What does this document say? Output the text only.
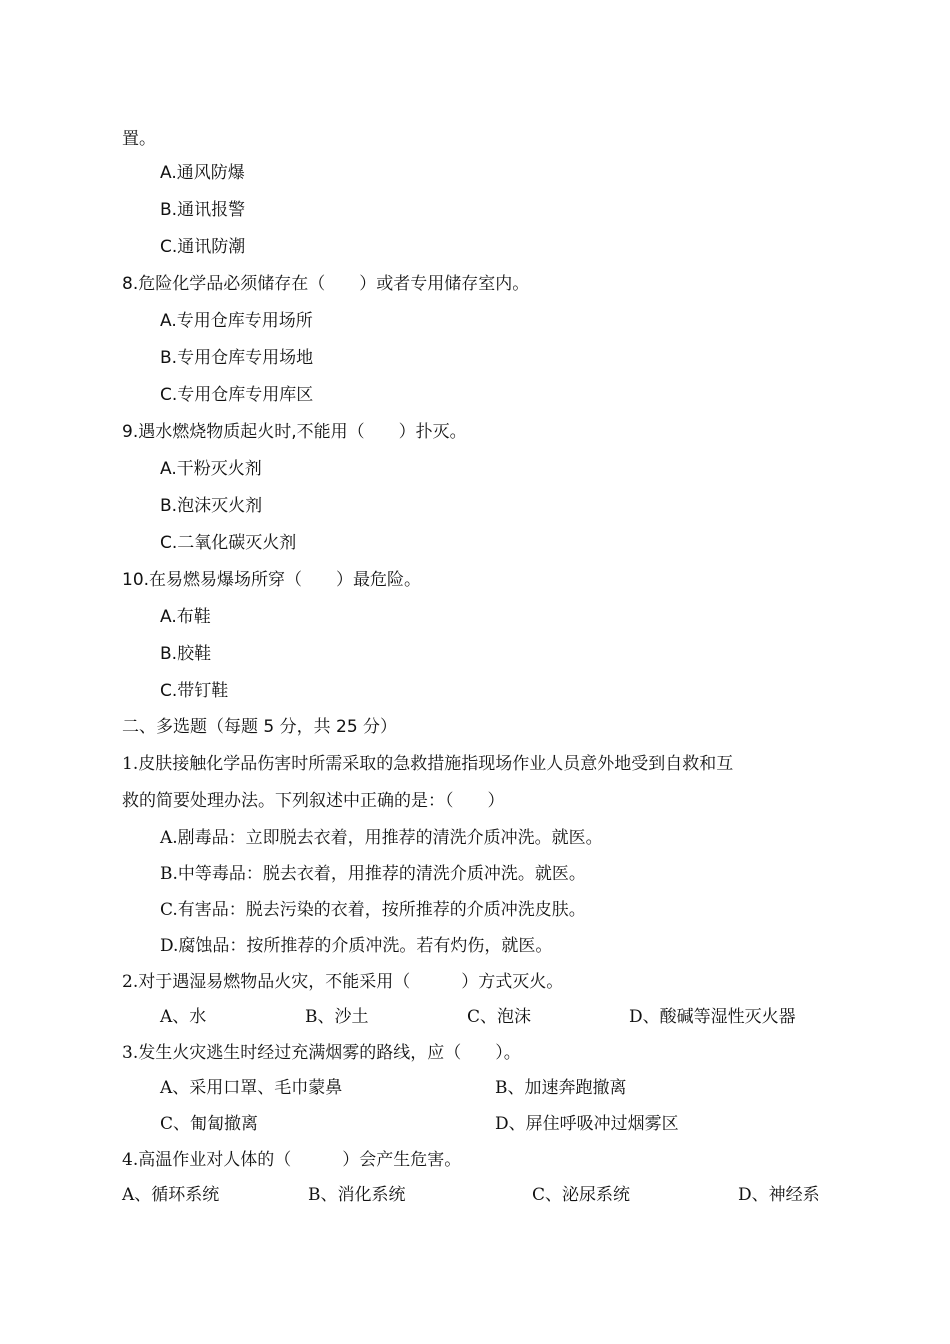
置。
A.通风防爆
B.通讯报警
C.通讯防潮
8.危险化学品必须储存在（　　）或者专用储存室内。
A.专用仓库专用场所
B.专用仓库专用场地
C.专用仓库专用库区
9.遇水燃烧物质起火时,不能用（　　）扑灭。
A.干粉灭火剂
B.泡沫灭火剂
C.二氧化碳灭火剂
10.在易燃易爆场所穿（　　）最危险。
A.布鞋
B.胶鞋
C.带钉鞋
二、多选题（每题 5 分，共 25 分）
1.皮肤接触化学品伤害时所需采取的急救措施指现场作业人员意外地受到自救和互
救的简要处理办法。下列叙述中正确的是：（　　）
A.剧毒品：立即脱去衣着，用推荐的清洗介质冲洗。就医。
B.中等毒品：脱去衣着，用推荐的清洗介质冲洗。就医。
C.有害品：脱去污染的衣着，按所推荐的介质冲洗皮肤。
D.腐蚀品：按所推荐的介质冲洗。若有灼伤，就医。
2.对于遇湿易燃物品火灾，不能采用（　　　）方式灭火。
A、水	B、沙土	C、泡沫	D、酸碱等湿性灭火器
3.发生火灾逃生时经过充满烟雾的路线，应（　　）。
A、采用口罩、毛巾蒙鼻	B、加速奔跑撤离
C、匍匐撤离	D、屏住呼吸冲过烟雾区
4.高温作业对人体的（　　　）会产生危害。
A、循环系统	B、消化系统	C、泌尿系统	D、神经系
